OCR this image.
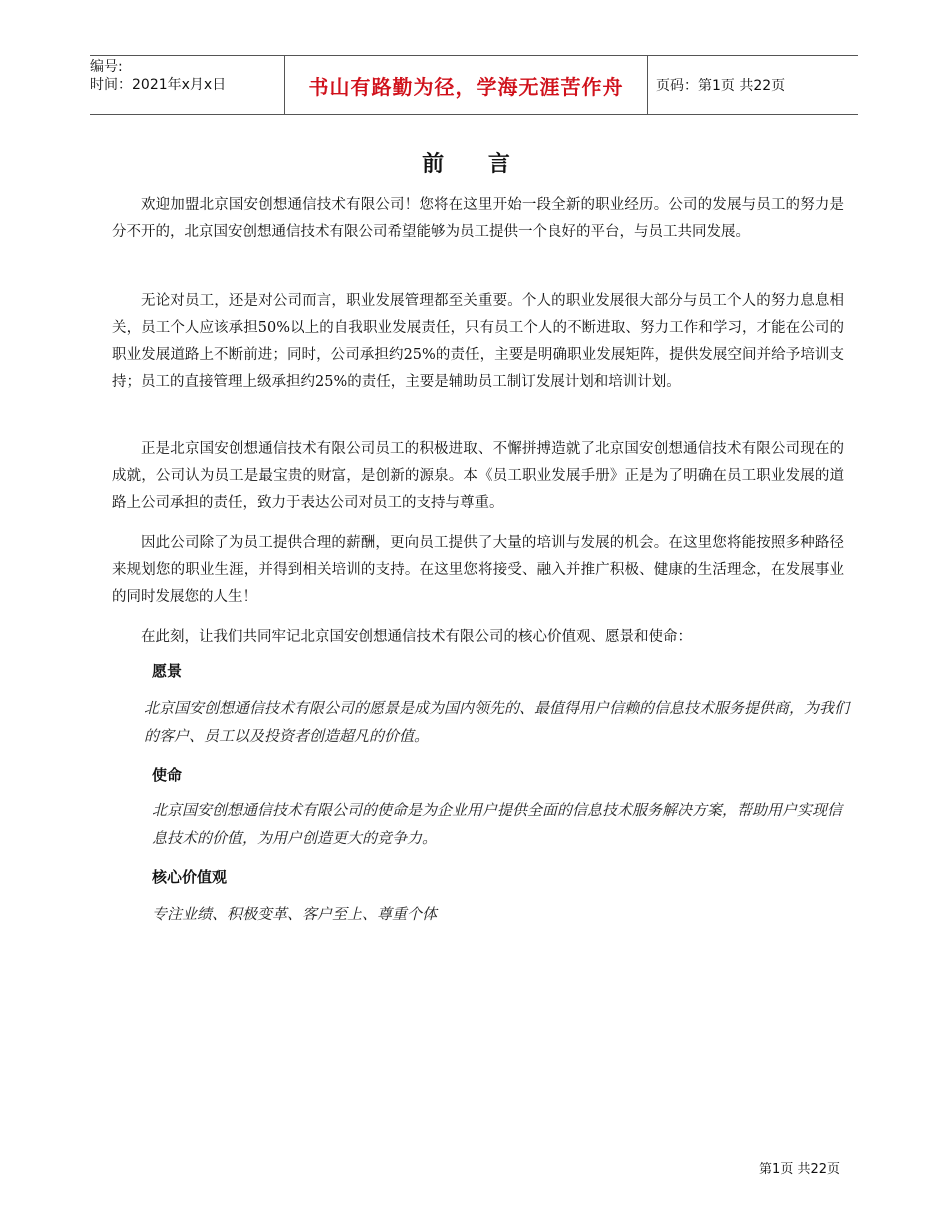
编号:
时间：2021年x月x日	书山有路勤为径，学海无涯苦作舟	页码：第1页 共22页
前 言

欢迎加盟北京国安创想通信技术有限公司！您将在这里开始一段全新的职业经历。公司的发展与员工的努力是分不开的，北京国安创想通信技术有限公司希望能够为员工提供一个良好的平台，与员工共同发展。

无论对员工，还是对公司而言，职业发展管理都至关重要。个人的职业发展很大部分与员工个人的努力息息相关，员工个人应该承担50%以上的自我职业发展责任，只有员工个人的不断进取、努力工作和学习，才能在公司的职业发展道路上不断前进；同时，公司承担约25%的责任，主要是明确职业发展矩阵，提供发展空间并给予培训支持；员工的直接管理上级承担约25%的责任，主要是辅助员工制订发展计划和培训计划。

正是北京国安创想通信技术有限公司员工的积极进取、不懈拼搏造就了北京国安创想通信技术有限公司现在的成就，公司认为员工是最宝贵的财富，是创新的源泉。本《员工职业发展手册》正是为了明确在员工职业发展的道路上公司承担的责任，致力于表达公司对员工的支持与尊重。

因此公司除了为员工提供合理的薪酬，更向员工提供了大量的培训与发展的机会。在这里您将能按照多种路径来规划您的职业生涯，并得到相关培训的支持。在这里您将接受、融入并推广积极、健康的生活理念，在发展事业的同时发展您的人生！

在此刻，让我们共同牢记北京国安创想通信技术有限公司的核心价值观、愿景和使命：

愿景
北京国安创想通信技术有限公司的愿景是成为国内领先的、最值得用户信赖的信息技术服务提供商，为我们的客户、员工以及投资者创造超凡的价值。
使命
北京国安创想通信技术有限公司的使命是为企业用户提供全面的信息技术服务解决方案，帮助用户实现信息技术的价值，为用户创造更大的竞争力。
核心价值观
专注业绩、积极变革、客户至上、尊重个体
第1页 共22页
